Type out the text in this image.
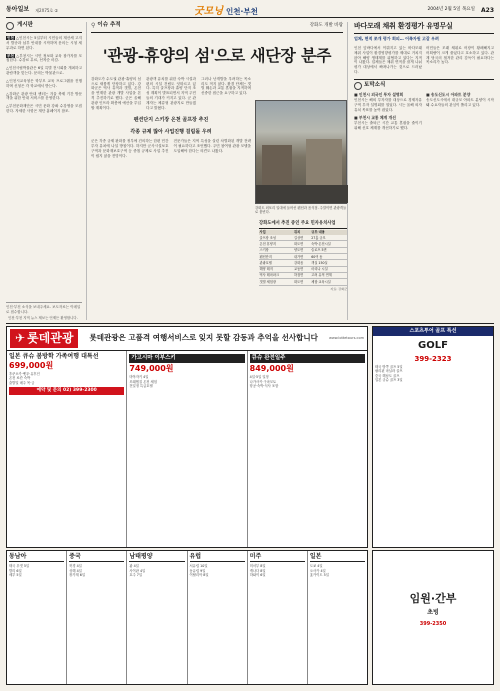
동아일보 제2X75호 ②	굿모닝 인천·부천	2004년 2월 5일 목요일 A23
게시판
인천 △인천시는 5일부터 시민들의 재산세 고지서 발송과 납부 안내를 시작하며 문의는 시청 세무과로 하면 된다.
부천 △부천시는 시민 정보화 교육 참가자를 모집한다. 수강료 무료, 선착순 마감.
△인천시립박물관은 6일 특별 전시회를 개최하고 관람객을 맞는다. 문의는 박물관으로.
△인천시교육청은 학부모 교육 프로그램을 진행하며 신청은 각 학교에서 받는다.
△강화군 관광 안내 센터는 겨울 축제 기간 방문객을 위한 안내 서비스를 운영한다.
△부천문화재단은 시민 문화 강좌 수강생을 모집한다. 자세한 사항은 재단 홈페이지 참조.
인천·부천 소식을 보내주세요. 보도자료는 이메일로 접수합니다.
⚲ 이슈 추적	강화도 개발 바람
'관광-휴양의 섬'으로 새단장 분주
강화도가 수도권 관광·휴양의 섬으로 새롭게 단장하고 있다. 강화군은 역사 유적과 갯벌, 온천을 연계한 관광 개발 사업을 본격 추진하기로 했다. 군은 올해 관광 인프라 확충에 예산을 투입할 계획이다.
관광객 유치를 위한 숙박 시설과 편의 시설 건립도 잇따르고 있다. 특히 골프장과 휴양 단지 조성 계획이 발표되면서 지역 주민들의 기대가 커지고 있다. 군 관계자는 체류형 관광지로 만들겠다고 밝혔다.
그러나 난개발을 우려하는 목소리도 적지 않다. 환경 단체는 갯벌 훼손과 교통 혼잡을 지적하며 신중한 접근을 요구하고 있다.
펜션단지 스키장 온천 골프장 추진
각종 규제 많아 사업진행 걸림돌 우려
군은 각종 규제 완화를 정부에 건의하는 한편 민간 투자 유치에 나설 방침이다. 하지만 군사시설보호구역과 문화재보호구역 등 중첩 규제로 사업 추진이 쉽지 않을 전망이다.
전문가들은 지역 특성을 살린 차별화된 개발 전략이 필요하다고 조언했다. 주민 참여형 관광 모델을 도입해야 한다는 의견도 나왔다.
강화도 외포리 일대에 들어선 펜션과 음식점. 주말이면 관광객들로 붐빈다.
강화도에서 추진 중인 주요 민자유치사업
사업	위치	규모·내용
골프장 조성	길상면	27홀 규모
온천 휴양지	화도면	숙박·온천시설
스키장	양도면	슬로프 5면
펜션단지	내가면	60여 동
관광호텔	강화읍	객실 150실
해양 레저	교동면	마리나 시설
역사 테마파크	하점면	고려 유적 연계
갯벌 체험장	화도면	체험·교육시설
자료: 강화군
바다모래 채취 환경평가 유명무실
업체, 면적 쪼개 평가 회피… 어족자원 고갈 우려
인천 앞바다에서 이뤄지고 있는 바다모래 채취 사업이 환경영향평가를 제대로 거치지 않아 해양 생태계를 위협하고 있다는 지적이 나왔다. 업체들은 채취 면적을 잘게 나눠 평가 대상에서 빠져나가는 것으로 드러났다.
어민들은 모래 채취로 어장이 황폐해지고 어획량이 크게 줄었다고 호소하고 있다. 관계 당국의 철저한 관리 감독이 필요하다는 목소리가 높다.
토막소식
■ 인천시 외국인 투자 설명회
인천시는 해외 투자자를 대상으로 경제자유구역 투자 설명회를 열었다. 시는 올해 외자 유치 목표를 높여 잡았다.
■ 부천시 교통 체계 개선
부천시는 출퇴근 시간 교통 혼잡을 줄이기 위해 신호 체계를 개선하기로 했다.
■ 송도신도시 아파트 분양
송도신도시에서 대규모 아파트 분양이 시작돼 수요자들의 관심이 쏠리고 있다.
인천·부천 지역 뉴스 제보는 언제든 환영합니다.
✈ 롯데관광	롯데관광은 고품격 여행서비스로 잊지 못할 감동과 추억을 선사합니다	www.lottetours.com
일본 큐슈 봄방학 가족여행 대특선
699,000원
후쿠오카·벳푸·유후인
온천 료칸 숙박
출발일 매주 목·금
예약 및 문의 02) 399-2300
가고시마 이부스키
749,000원
미야자키 4일
모래찜질 온천 체험
전일정 특급호텔
큐슈 완전일주
849,000원
4일·5일 일정
나가사키·구마모토
항공·숙박·식사 포함
스포츠투어 골프 특선
GOLF
399-2323
태국 방콕 골프 5일
필리핀 마닐라 골프
중국 해남도 골프
일본 규슈 골프 3일
동남아
태국 푸켓 5일
발리 6일
세부 5일
중국
북경 4일
상해 4일
장가계 6일
남태평양
괌 4일
사이판 4일
호주 7일
유럽
서유럽 10일
동유럽 9일
이탈리아 8일
미주
미서부 8일
캐나다 8일
하와이 6일
일본
도쿄 4일
오사카 4일
홋카이도 5일
임원·간부
초빙
399-2350
